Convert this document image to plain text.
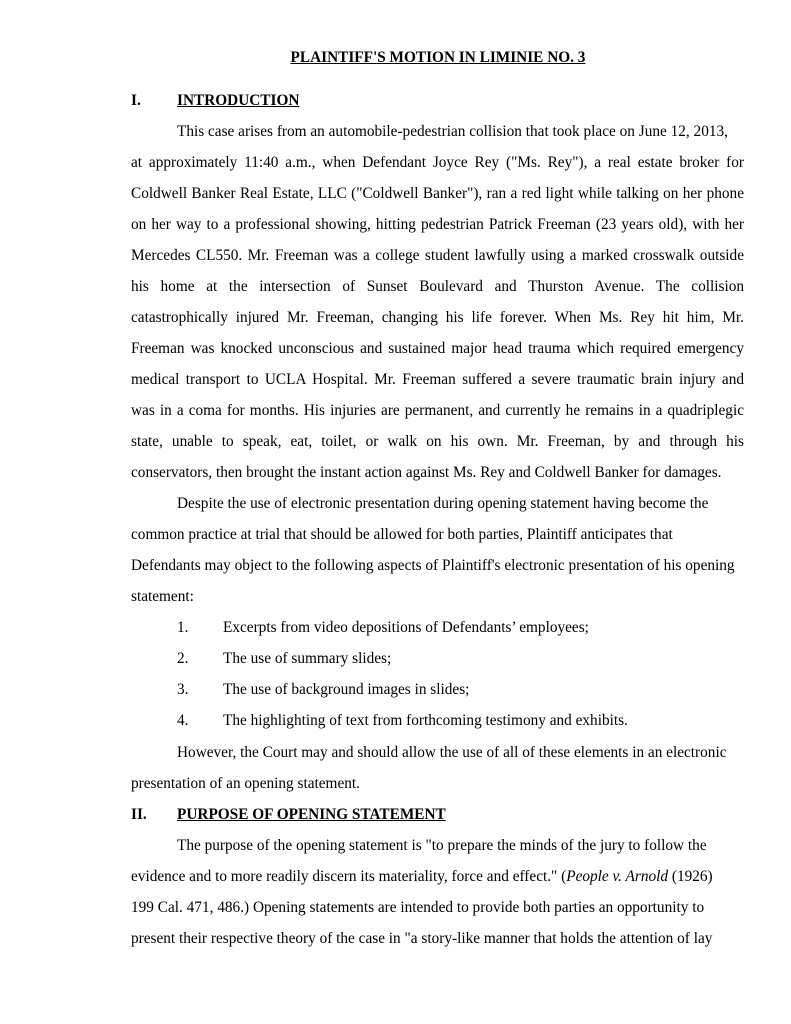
PLAINTIFF'S MOTION IN LIMINIE NO. 3
I. INTRODUCTION
This case arises from an automobile-pedestrian collision that took place on June 12, 2013,
at approximately 11:40 a.m., when Defendant Joyce Rey ("Ms. Rey"), a real estate broker for
Coldwell Banker Real Estate, LLC ("Coldwell Banker"), ran a red light while talking on her phone
on her way to a professional showing, hitting pedestrian Patrick Freeman (23 years old), with her
Mercedes CL550. Mr. Freeman was a college student lawfully using a marked crosswalk outside
his home at the intersection of Sunset Boulevard and Thurston Avenue. The collision
catastrophically injured Mr. Freeman, changing his life forever. When Ms. Rey hit him, Mr.
Freeman was knocked unconscious and sustained major head trauma which required emergency
medical transport to UCLA Hospital. Mr. Freeman suffered a severe traumatic brain injury and
was in a coma for months. His injuries are permanent, and currently he remains in a quadriplegic
state, unable to speak, eat, toilet, or walk on his own. Mr. Freeman, by and through his
conservators, then brought the instant action against Ms. Rey and Coldwell Banker for damages.
Despite the use of electronic presentation during opening statement having become the
common practice at trial that should be allowed for both parties, Plaintiff anticipates that
Defendants may object to the following aspects of Plaintiff's electronic presentation of his opening
statement:
1. Excerpts from video depositions of Defendants’ employees;
2. The use of summary slides;
3. The use of background images in slides;
4. The highlighting of text from forthcoming testimony and exhibits.
However, the Court may and should allow the use of all of these elements in an electronic
presentation of an opening statement.
II. PURPOSE OF OPENING STATEMENT
The purpose of the opening statement is "to prepare the minds of the jury to follow the
evidence and to more readily discern its materiality, force and effect." (People v. Arnold (1926)
199 Cal. 471, 486.) Opening statements are intended to provide both parties an opportunity to
present their respective theory of the case in "a story-like manner that holds the attention of lay
